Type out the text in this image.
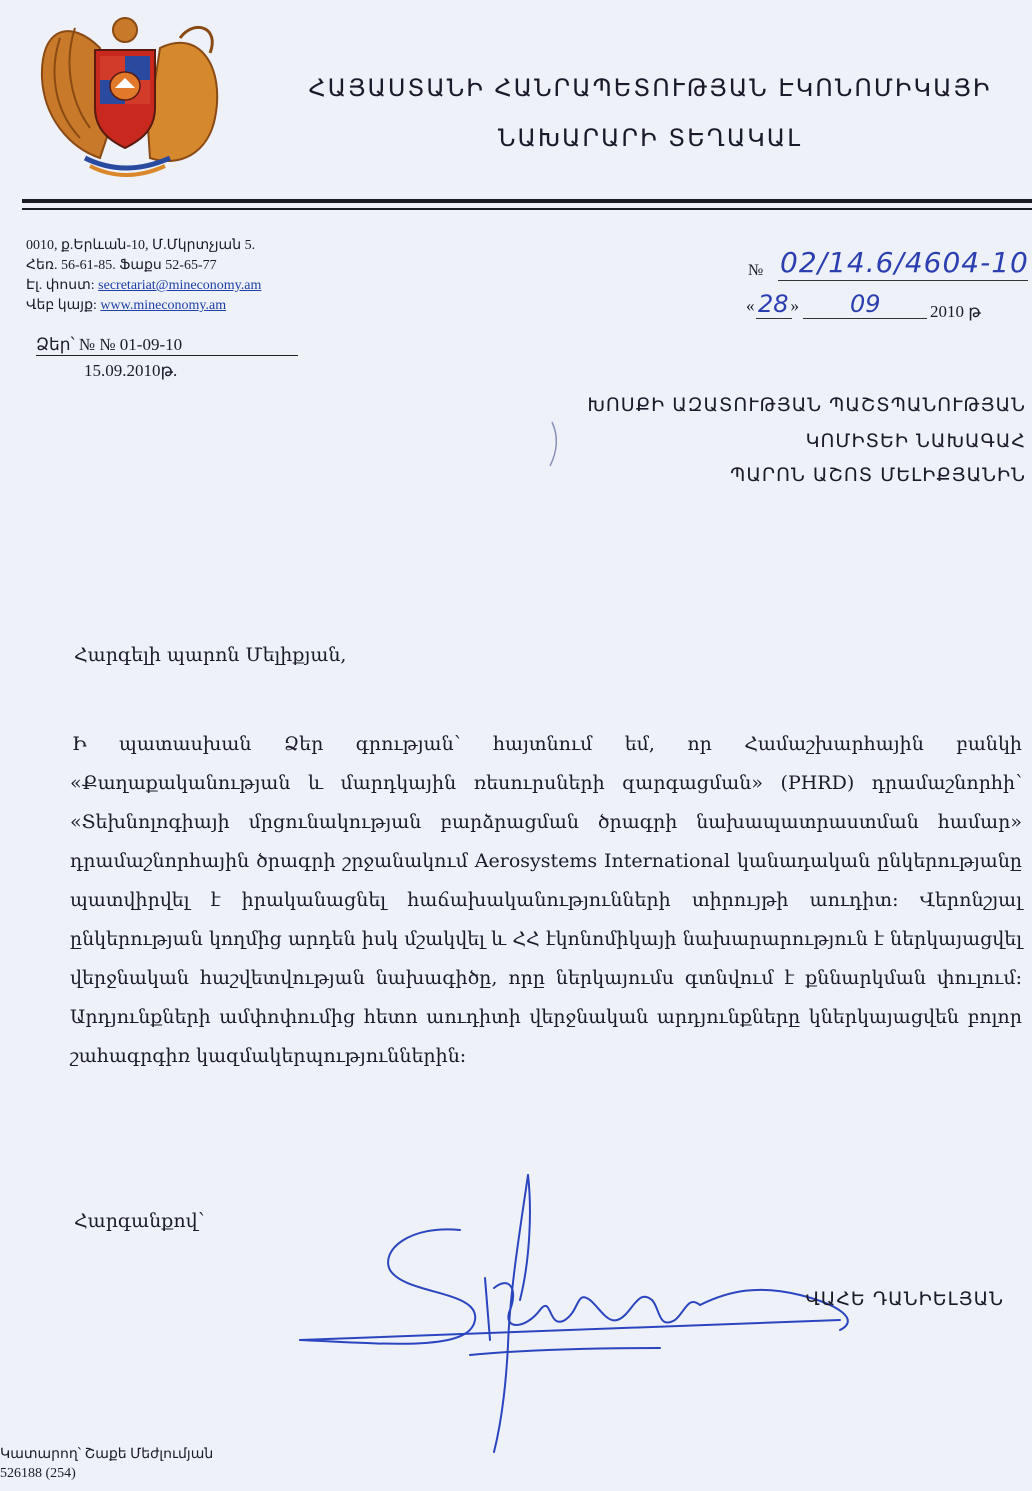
ՀԱՅԱՍՏԱՆԻ ՀԱՆՐԱՊԵՏՈՒԹՅԱՆ ԷԿՈՆՈՄԻԿԱՅԻ
ՆԱԽԱՐԱՐԻ ՏԵՂԱԿԱԼ
0010, ք.Երևան-10, Մ.Մկրտչյան 5.
Հեռ. 56-61-85. Ֆաքս 52-65-77
Էլ. փոստ: secretariat@mineconomy.am
Վեբ կայք: www.mineconomy.am
Ձեր՝ № № 01-09-10
15.09.2010թ.
№ 02/14.6/4604-10
« »
28	09	2010 թ
ԽՈՍՔԻ ԱԶԱՏՈՒԹՅԱՆ ՊԱՇՏՊԱՆՈՒԹՅԱՆ
ԿՈՄԻՏԵԻ ՆԱԽԱԳԱՀ
ՊԱՐՈՆ ԱՇՈՏ ՄԵԼԻՔՅԱՆԻՆ
Հարգելի պարոն Մելիքյան,
Ի պատասխան Ձեր գրության՝ հայտնում եմ, որ Համաշխարհային բանկի «Քաղաքականության և մարդկային ռեսուրսների զարգացման» (PHRD) դրամաշնորհի՝ «Տեխնոլոգիայի մրցունակության բարձրացման ծրագրի նախապատրաստման համար» դրամաշնորհային ծրագրի շրջանակում Aerosystems International կանադական ընկերությանը պատվիրվել է իրականացնել հաճախականությունների տիրույթի աուդիտ: Վերոնշյալ ընկերության կողմից արդեն իսկ մշակվել և ՀՀ էկոնոմիկայի նախարարություն է ներկայացվել վերջնական հաշվետվության նախագիծը, որը ներկայումս գտնվում է քննարկման փուլում: Արդյունքների ամփոփումից հետո աուդիտի վերջնական արդյունքները կներկայացվեն բոլոր շահագրգիռ կազմակերպություններին:
Հարգանքով՝
ՎԱՀԵ ԴԱՆԻԵԼՅԱՆ
Կատարող՝ Շաքե Մեժլումյան
526188 (254)
